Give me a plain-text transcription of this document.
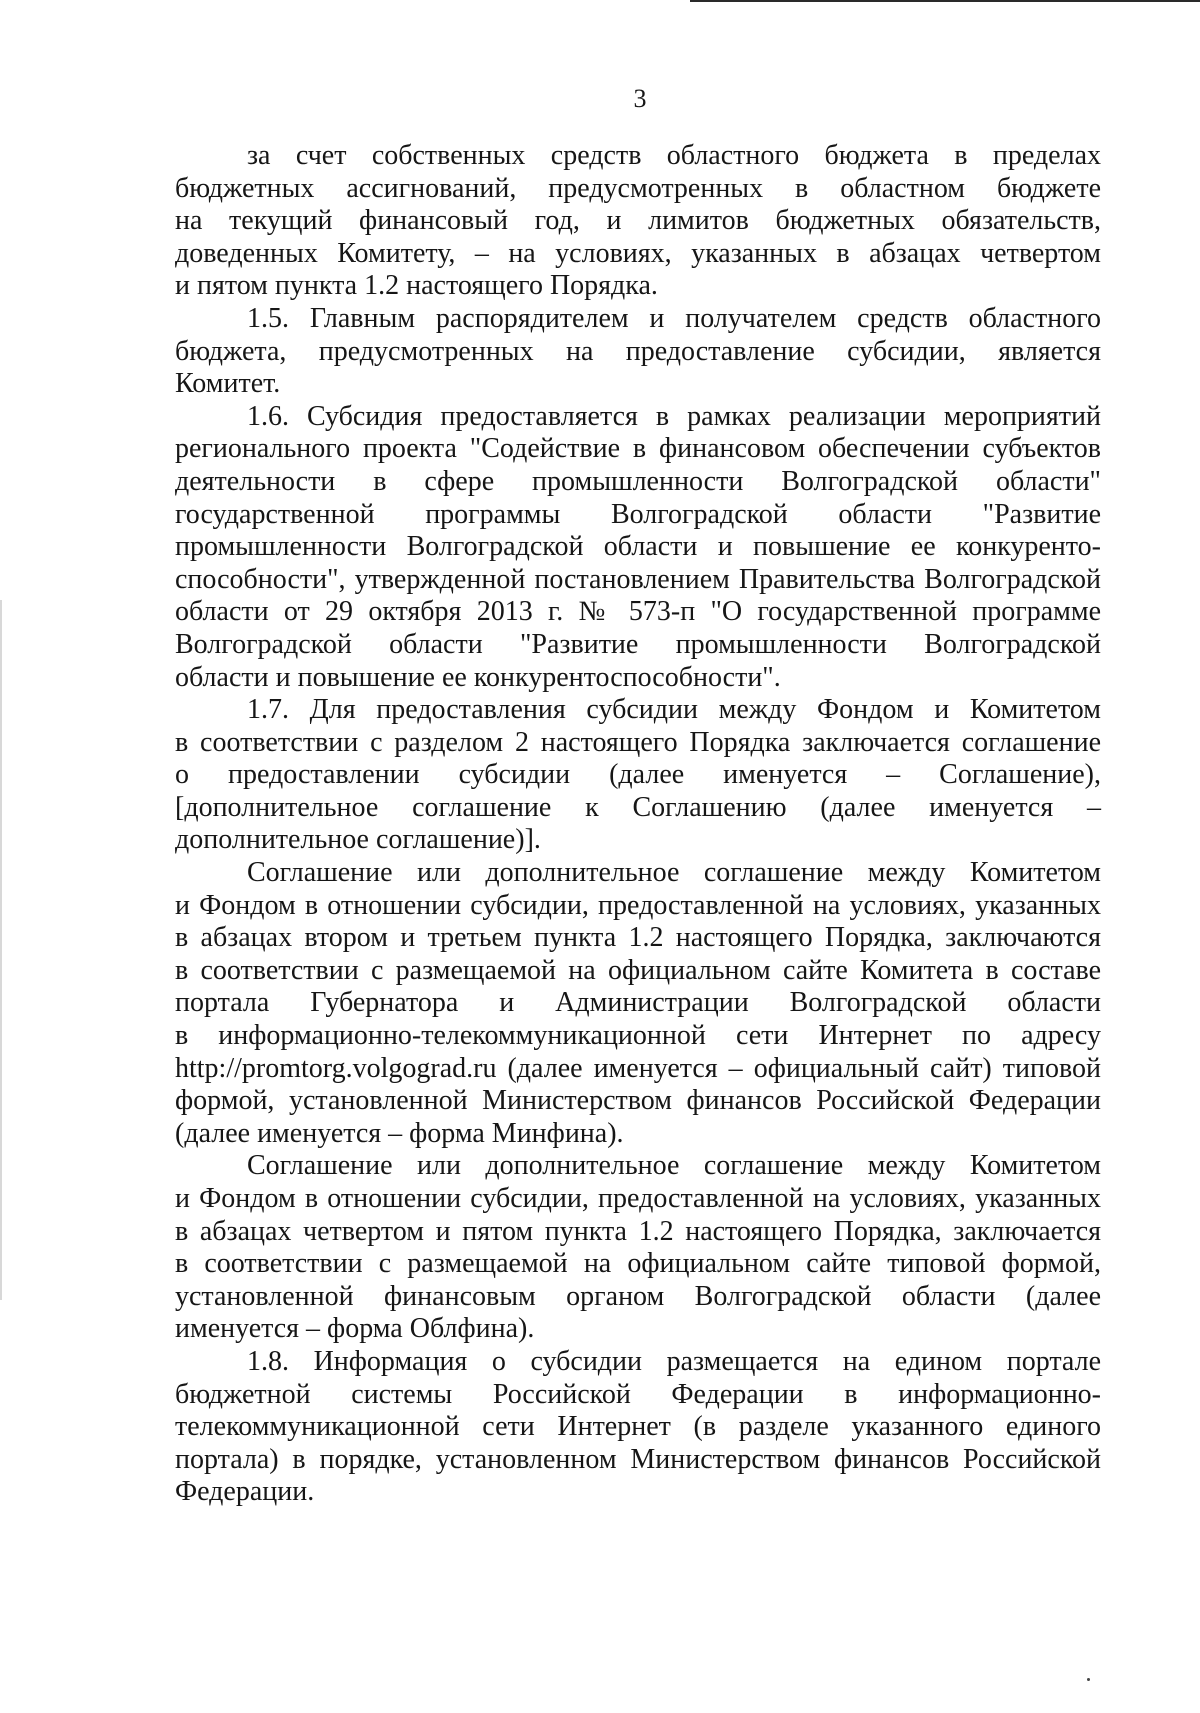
3

за счет собственных средств областного бюджета в пределах
бюджетных ассигнований, предусмотренных в областном бюджете
на текущий финансовый год, и лимитов бюджетных обязательств,
доведенных Комитету, – на условиях, указанных в абзацах четвертом
и пятом пункта 1.2 настоящего Порядка.

1.5. Главным распорядителем и получателем средств областного
бюджета, предусмотренных на предоставление субсидии, является
Комитет.

1.6. Субсидия предоставляется в рамках реализации мероприятий
регионального проекта "Содействие в финансовом обеспечении субъектов
деятельности в сфере промышленности Волгоградской области"
государственной программы Волгоградской области "Развитие
промышленности Волгоградской области и повышение ее конкуренто-
способности", утвержденной постановлением Правительства Волгоградской
области от 29 октября 2013 г. № 573-п "О государственной программе
Волгоградской области "Развитие промышленности Волгоградской
области и повышение ее конкурентоспособности".

1.7. Для предоставления субсидии между Фондом и Комитетом
в соответствии с разделом 2 настоящего Порядка заключается соглашение
о предоставлении субсидии (далее именуется – Соглашение),
[дополнительное соглашение к Соглашению (далее именуется –
дополнительное соглашение)].

Соглашение или дополнительное соглашение между Комитетом
и Фондом в отношении субсидии, предоставленной на условиях, указанных
в абзацах втором и третьем пункта 1.2 настоящего Порядка, заключаются
в соответствии с размещаемой на официальном сайте Комитета в составе
портала Губернатора и Администрации Волгоградской области
в информационно-телекоммуникационной сети Интернет по адресу
http://promtorg.volgograd.ru (далее именуется – официальный сайт) типовой
формой, установленной Министерством финансов Российской Федерации
(далее именуется – форма Минфина).

Соглашение или дополнительное соглашение между Комитетом
и Фондом в отношении субсидии, предоставленной на условиях, указанных
в абзацах четвертом и пятом пункта 1.2 настоящего Порядка, заключается
в соответствии с размещаемой на официальном сайте типовой формой,
установленной финансовым органом Волгоградской области (далее
именуется – форма Облфина).

1.8. Информация о субсидии размещается на едином портале
бюджетной системы Российской Федерации в информационно-
телекоммуникационной сети Интернет (в разделе указанного единого
портала) в порядке, установленном Министерством финансов Российской
Федерации.
